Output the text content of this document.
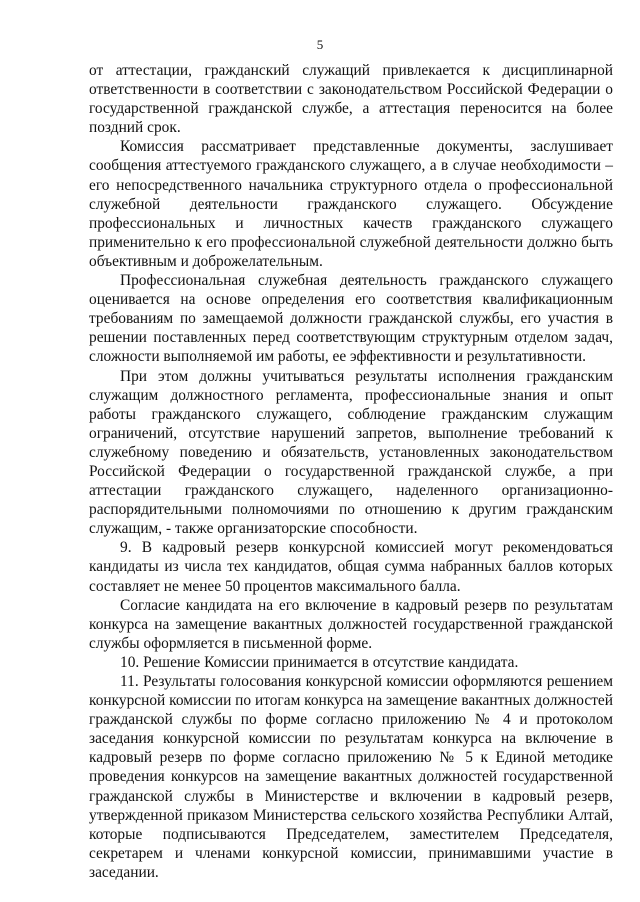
5

от аттестации, гражданский служащий привлекается к дисциплинарной ответственности в соответствии с законодательством Российской Федерации о государственной гражданской службе, а аттестация переносится на более поздний срок.

Комиссия рассматривает представленные документы, заслушивает сообщения аттестуемого гражданского служащего, а в случае необходимости – его непосредственного начальника структурного отдела о профессиональной служебной деятельности гражданского служащего. Обсуждение профессиональных и личностных качеств гражданского служащего применительно к его профессиональной служебной деятельности должно быть объективным и доброжелательным.

Профессиональная служебная деятельность гражданского служащего оценивается на основе определения его соответствия квалификационным требованиям по замещаемой должности гражданской службы, его участия в решении поставленных перед соответствующим структурным отделом задач, сложности выполняемой им работы, ее эффективности и результативности.

При этом должны учитываться результаты исполнения гражданским служащим должностного регламента, профессиональные знания и опыт работы гражданского служащего, соблюдение гражданским служащим ограничений, отсутствие нарушений запретов, выполнение требований к служебному поведению и обязательств, установленных законодательством Российской Федерации о государственной гражданской службе, а при аттестации гражданского служащего, наделенного организационно-распорядительными полномочиями по отношению к другим гражданским служащим, - также организаторские способности.

9. В кадровый резерв конкурсной комиссией могут рекомендоваться кандидаты из числа тех кандидатов, общая сумма набранных баллов которых составляет не менее 50 процентов максимального балла.

Согласие кандидата на его включение в кадровый резерв по результатам конкурса на замещение вакантных должностей государственной гражданской службы оформляется в письменной форме.

10. Решение Комиссии принимается в отсутствие кандидата.

11. Результаты голосования конкурсной комиссии оформляются решением конкурсной комиссии по итогам конкурса на замещение вакантных должностей гражданской службы по форме согласно приложению № 4 и протоколом заседания конкурсной комиссии по результатам конкурса на включение в кадровый резерв по форме согласно приложению № 5 к Единой методике проведения конкурсов на замещение вакантных должностей государственной гражданской службы в Министерстве и включении в кадровый резерв, утвержденной приказом Министерства сельского хозяйства Республики Алтай, которые подписываются Председателем, заместителем Председателя, секретарем и членами конкурсной комиссии, принимавшими участие в заседании.
